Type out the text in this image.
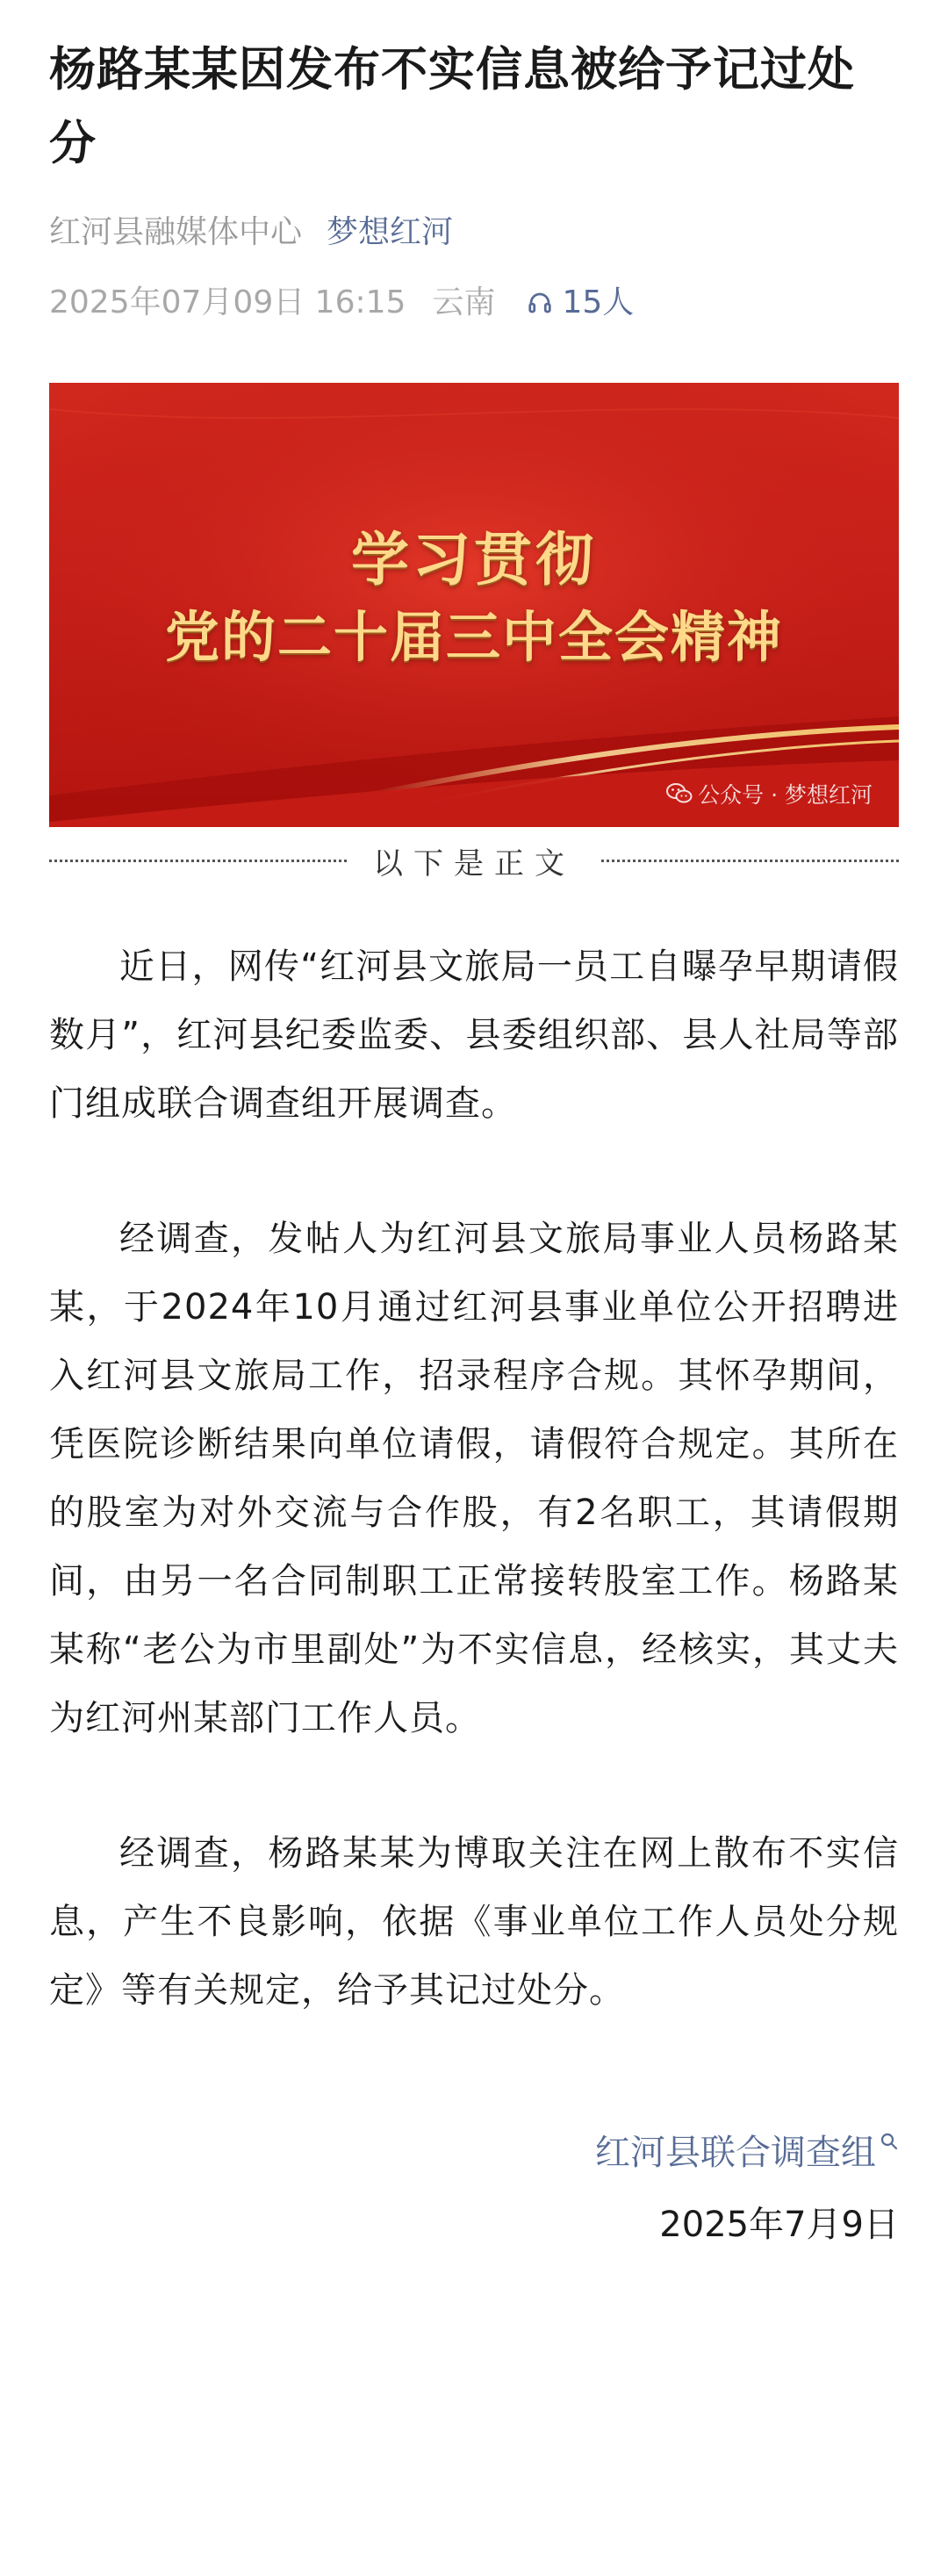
杨路某某因发布不实信息被给予记过处分
红河县融媒体中心 梦想红河
2025年07月09日 16:15 云南 15人
学习贯彻
党的二十届三中全会精神
公众号 · 梦想红河
以下是正文

近日，网传“红河县文旅局一员工自曝孕早期请假数月”，红河县纪委监委、县委组织部、县人社局等部门组成联合调查组开展调查。

经调查，发帖人为红河县文旅局事业人员杨路某某，于2024年10月通过红河县事业单位公开招聘进入红河县文旅局工作，招录程序合规。其怀孕期间，凭医院诊断结果向单位请假，请假符合规定。其所在的股室为对外交流与合作股，有2名职工，其请假期间，由另一名合同制职工正常接转股室工作。杨路某某称“老公为市里副处”为不实信息，经核实，其丈夫为红河州某部门工作人员。

经调查，杨路某某为博取关注在网上散布不实信息，产生不良影响，依据《事业单位工作人员处分规定》等有关规定，给予其记过处分。

红河县联合调查组
2025年7月9日
